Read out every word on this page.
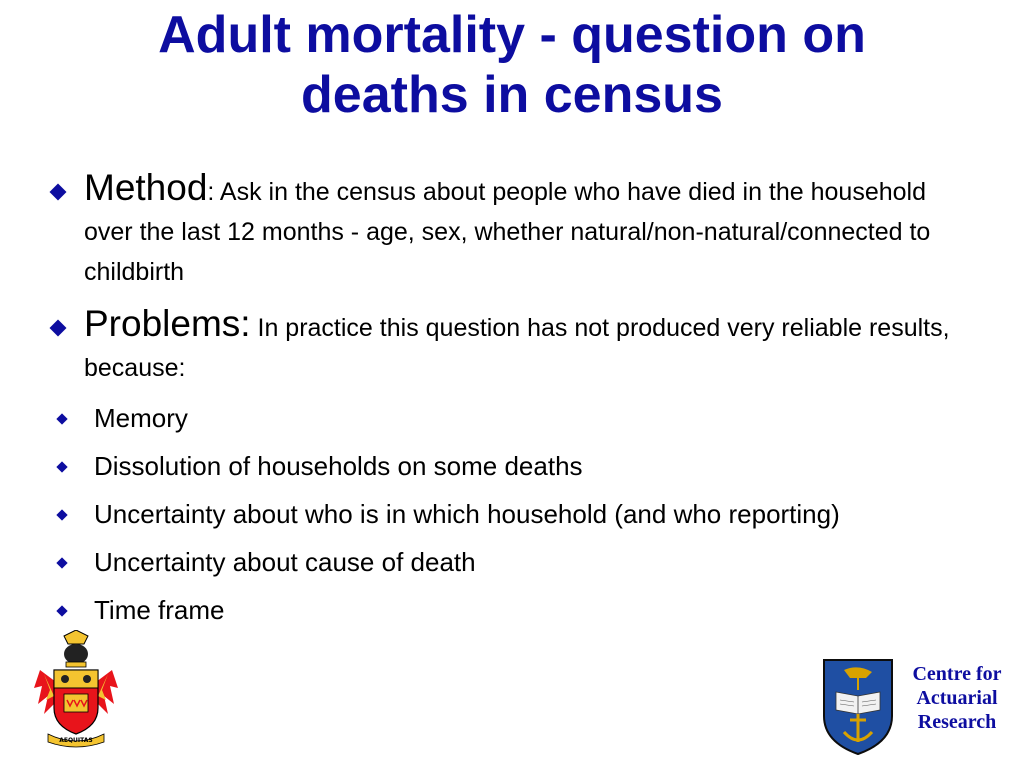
Adult mortality - question on
deaths in census

Method: Ask in the census about people who have died in the household over the last 12 months - age, sex, whether natural/non-natural/connected to childbirth

Problems: In practice this question has not produced very reliable results, because:

Memory
Dissolution of households on some deaths
Uncertainty about who is in which household (and who reporting)
Uncertainty about cause of death
Time frame
AEQUITAS
Centre for
Actuarial
Research
